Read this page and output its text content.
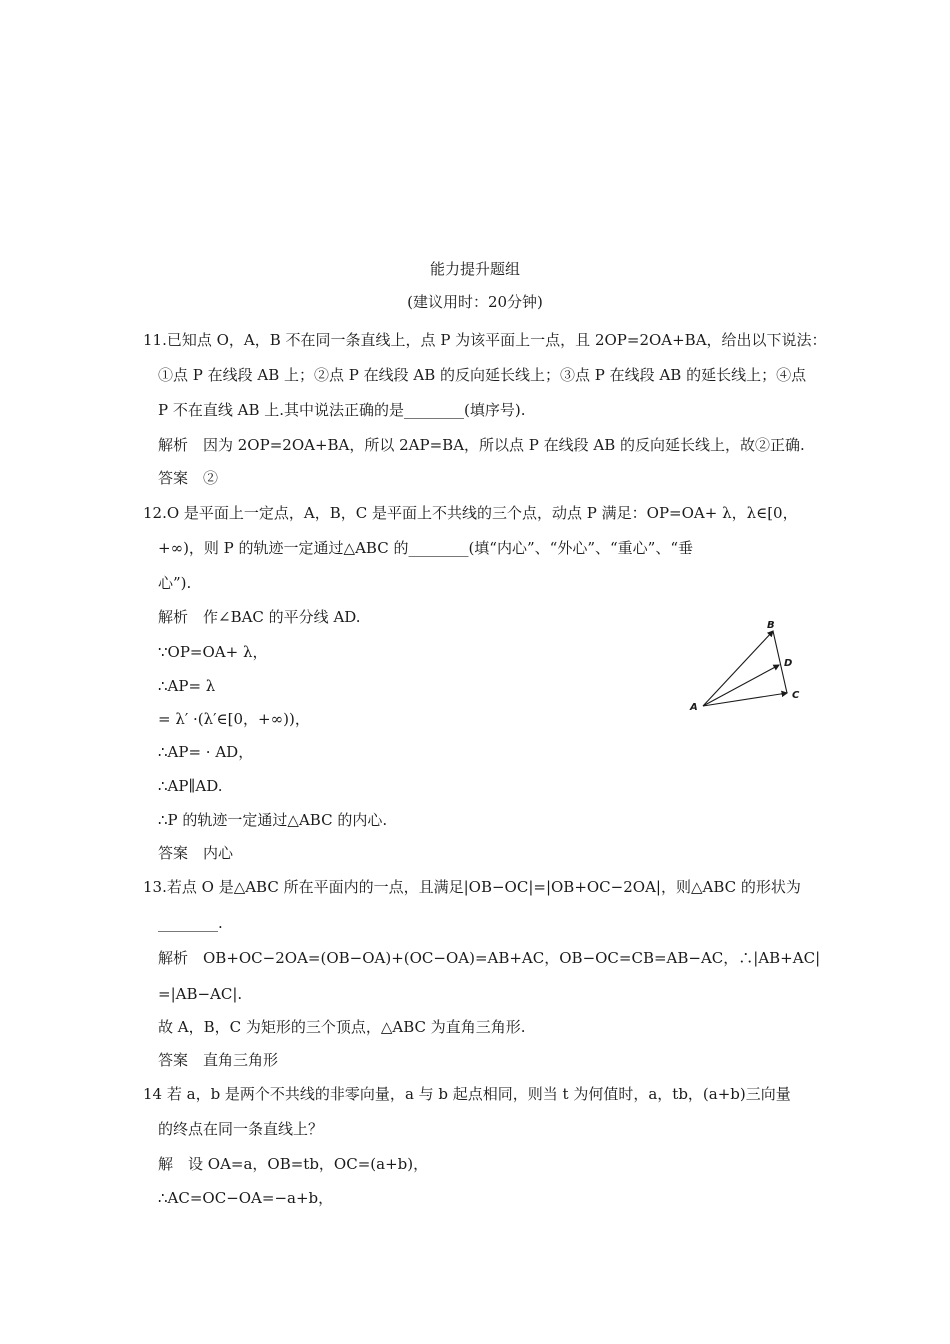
能力提升题组
(建议用时：20分钟)
11.已知点 O，A，B 不在同一条直线上，点 P 为该平面上一点，且 2OP=2OA+BA，给出以下说法：
①点 P 在线段 AB 上；②点 P 在线段 AB 的反向延长线上；③点 P 在线段 AB 的延长线上；④点
P 不在直线 AB 上.其中说法正确的是________(填序号).
解析　因为 2OP=2OA+BA，所以 2AP=BA，所以点 P 在线段 AB 的反向延长线上，故②正确.
答案　②
12.O 是平面上一定点，A，B，C 是平面上不共线的三个点，动点 P 满足：OP=OA+ λ，λ∈[0，
+∞)，则 P 的轨迹一定通过△ABC 的________(填“内心”、“外心”、“重心”、“垂
心”).
解析　作∠BAC 的平分线 AD.
∵OP=OA+ λ，
∴AP= λ
= λ′ ·(λ′∈[0，+∞))，
∴AP= · AD，
∴AP∥AD.
∴P 的轨迹一定通过△ABC 的内心.
答案　内心
A
B
C
D
13.若点 O 是△ABC 所在平面内的一点，且满足|OB−OC|=|OB+OC−2OA|，则△ABC 的形状为
________.
解析　OB+OC−2OA=(OB−OA)+(OC−OA)=AB+AC，OB−OC=CB=AB−AC，∴|AB+AC|
=|AB−AC|.
故 A，B，C 为矩形的三个顶点，△ABC 为直角三角形.
答案　直角三角形
14 若 a，b 是两个不共线的非零向量，a 与 b 起点相同，则当 t 为何值时，a，tb，(a+b)三向量
的终点在同一条直线上？
解　设 OA=a，OB=tb，OC=(a+b)，
∴AC=OC−OA=−a+b，
